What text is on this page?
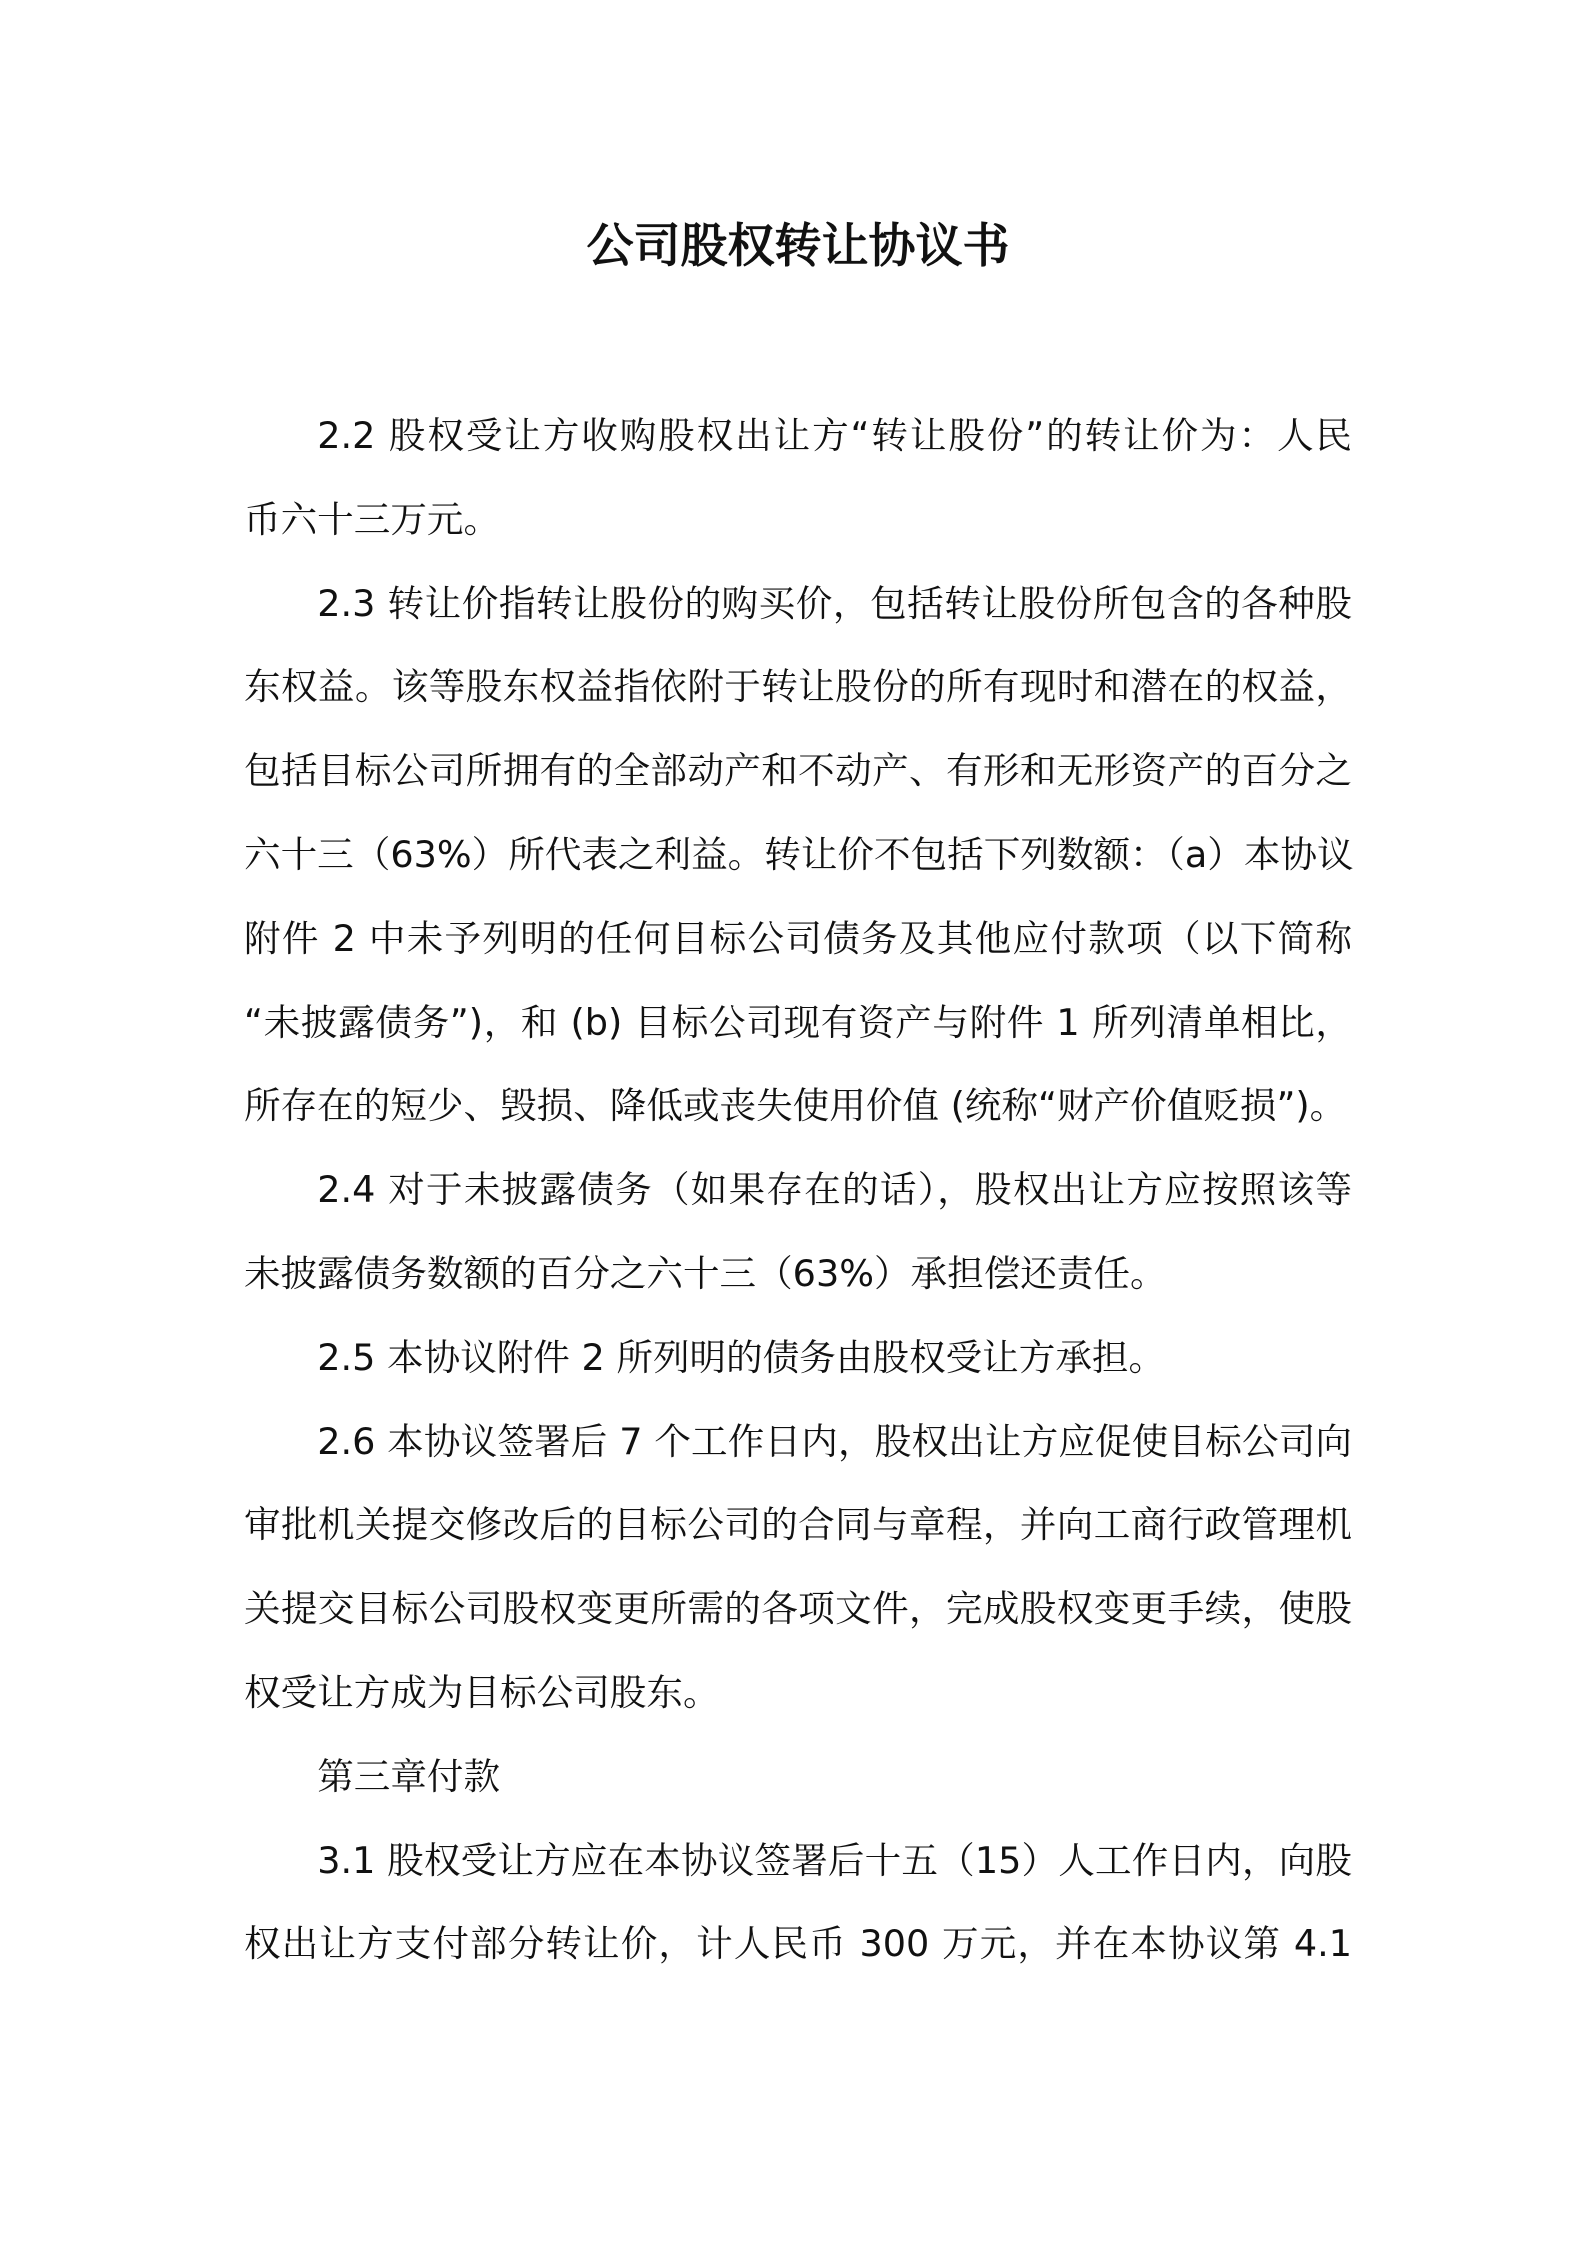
公司股权转让协议书
2.2 股权受让方收购股权出让方“转让股份”的转让价为：人民
币六十三万元。
2.3 转让价指转让股份的购买价，包括转让股份所包含的各种股
东权益。该等股东权益指依附于转让股份的所有现时和潜在的权益，
包括目标公司所拥有的全部动产和不动产、有形和无形资产的百分之
六十三（63%）所代表之利益。转让价不包括下列数额：（a）本协议
附件 2 中未予列明的任何目标公司债务及其他应付款项（以下简称
“未披露债务”)，和 (b) 目标公司现有资产与附件 1 所列清单相比，
所存在的短少、毁损、降低或丧失使用价值 (统称“财产价值贬损”)。
2.4 对于未披露债务（如果存在的话），股权出让方应按照该等
未披露债务数额的百分之六十三（63%）承担偿还责任。
2.5 本协议附件 2 所列明的债务由股权受让方承担。
2.6 本协议签署后 7 个工作日内，股权出让方应促使目标公司向
审批机关提交修改后的目标公司的合同与章程，并向工商行政管理机
关提交目标公司股权变更所需的各项文件，完成股权变更手续，使股
权受让方成为目标公司股东。
第三章付款
3.1 股权受让方应在本协议签署后十五（15）人工作日内，向股
权出让方支付部分转让价，计人民币 300 万元，并在本协议第 4.1
